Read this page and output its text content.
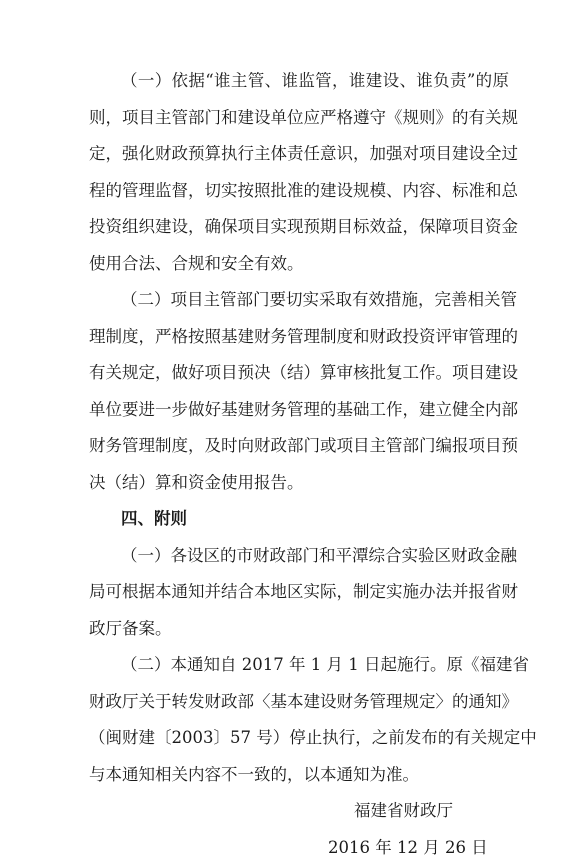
（一）依据“谁主管、谁监管，谁建设、谁负责”的原
则，项目主管部门和建设单位应严格遵守《规则》的有关规
定，强化财政预算执行主体责任意识，加强对项目建设全过
程的管理监督，切实按照批准的建设规模、内容、标准和总
投资组织建设，确保项目实现预期目标效益，保障项目资金
使用合法、合规和安全有效。
（二）项目主管部门要切实采取有效措施，完善相关管
理制度，严格按照基建财务管理制度和财政投资评审管理的
有关规定，做好项目预决（结）算审核批复工作。项目建设
单位要进一步做好基建财务管理的基础工作，建立健全内部
财务管理制度，及时向财政部门或项目主管部门编报项目预
决（结）算和资金使用报告。
四、附则
（一）各设区的市财政部门和平潭综合实验区财政金融
局可根据本通知并结合本地区实际，制定实施办法并报省财
政厅备案。
（二）本通知自 2017 年 1 月 1 日起施行。原《福建省
财政厅关于转发财政部〈基本建设财务管理规定〉的通知》
（闽财建〔2003〕57 号）停止执行，之前发布的有关规定中
与本通知相关内容不一致的，以本通知为准。
福建省财政厅
2016 年 12 月 26 日
